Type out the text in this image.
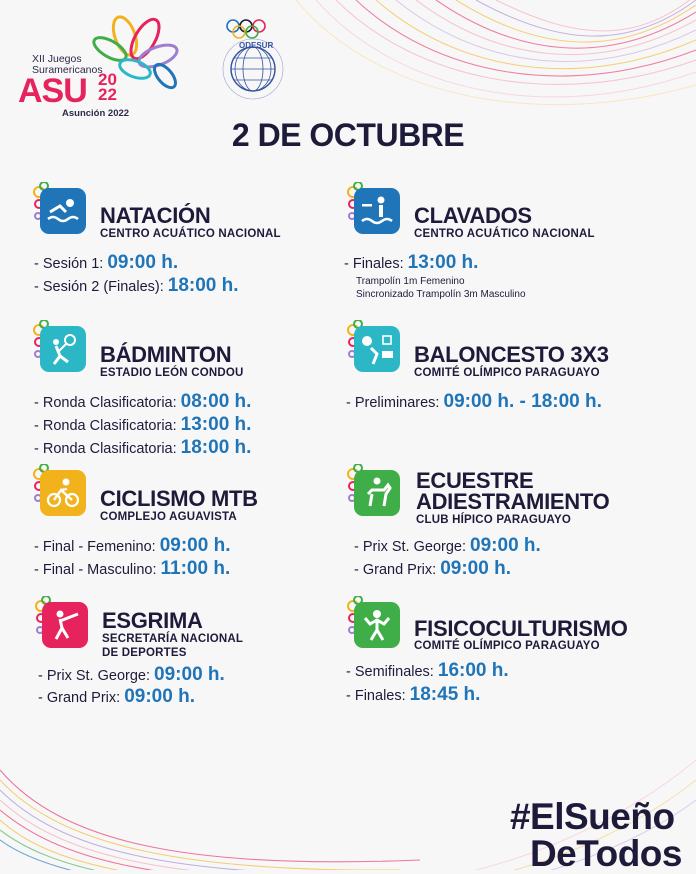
XII Juegos
Suramericanos
ASU 20
22
Asunción 2022
ODESUR
2 DE OCTUBRE
NATACIÓN
CENTRO ACUÁTICO NACIONAL
- Sesión 1: 09:00 h.
- Sesión 2 (Finales): 18:00 h.
CLAVADOS
CENTRO ACUÁTICO NACIONAL
- Finales: 13:00 h.
Trampolín 1m Femenino
Sincronizado Trampolín 3m Masculino
BÁDMINTON
ESTADIO LEÓN CONDOU
- Ronda Clasificatoria: 08:00 h.
- Ronda Clasificatoria: 13:00 h.
- Ronda Clasificatoria: 18:00 h.
BALONCESTO 3X3
COMITÉ OLÍMPICO PARAGUAYO
- Preliminares: 09:00 h. - 18:00 h.
CICLISMO MTB
COMPLEJO AGUAVISTA
- Final - Femenino: 09:00 h.
- Final - Masculino: 11:00 h.
ECUESTRE
ADIESTRAMIENTO
CLUB HÍPICO PARAGUAYO
- Prix St. George: 09:00 h.
- Grand Prix: 09:00 h.
ESGRIMA
SECRETARÍA NACIONAL
DE DEPORTES
- Prix St. George: 09:00 h.
- Grand Prix: 09:00 h.
FISICOCULTURISMO
COMITÉ OLÍMPICO PARAGUAYO
- Semifinales: 16:00 h.
- Finales: 18:45 h.
#ElSueño
DeTodos
